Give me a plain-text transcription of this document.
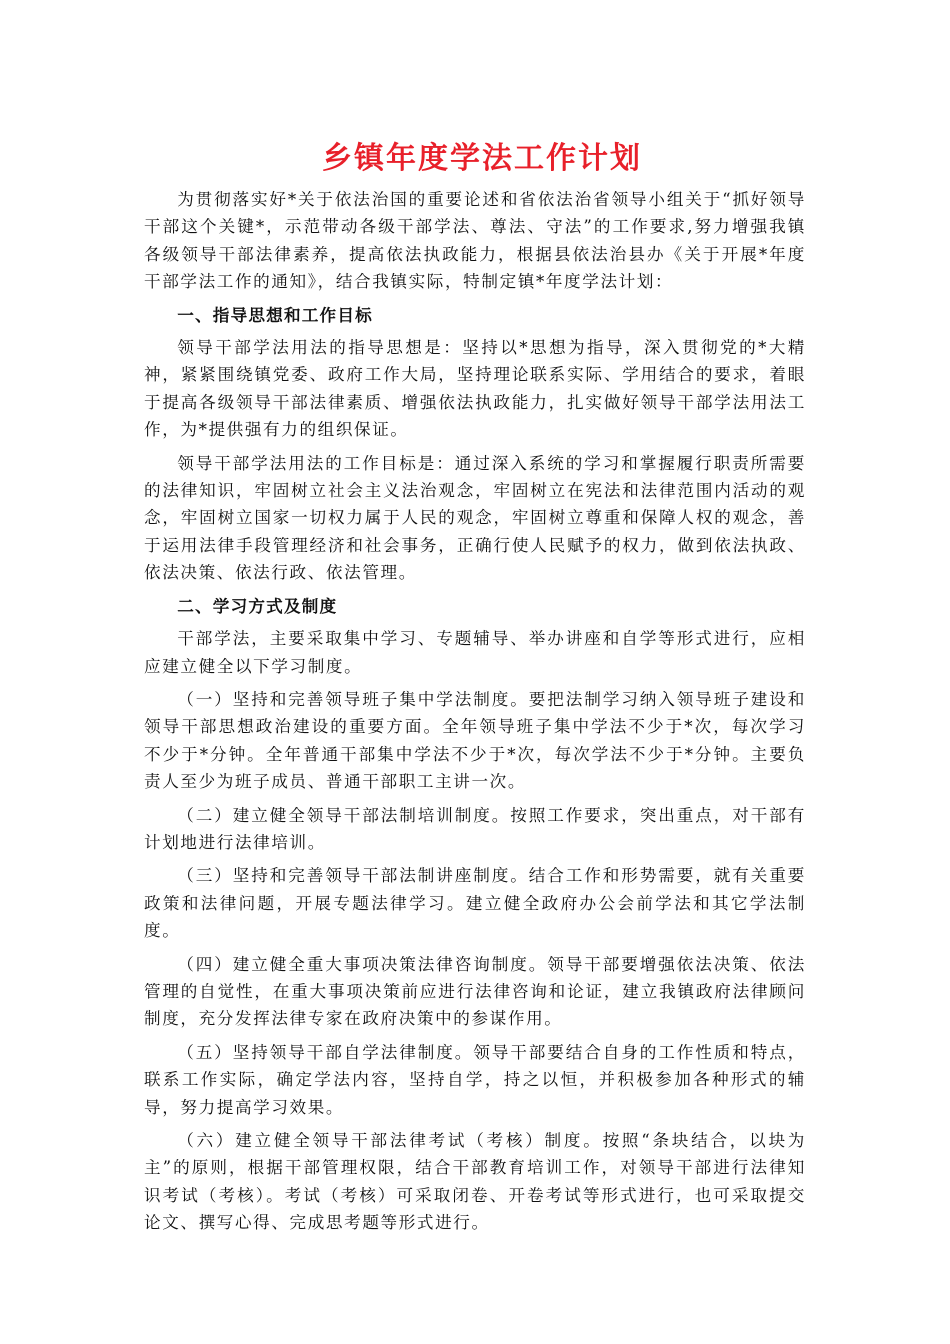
乡镇年度学法工作计划

为贯彻落实好*关于依法治国的重要论述和省依法治省领导小组关于“抓好领导干部这个关键*，示范带动各级干部学法、尊法、守法”的工作要求,努力增强我镇各级领导干部法律素养，提高依法执政能力，根据县依法治县办《关于开展*年度干部学法工作的通知》，结合我镇实际，特制定镇*年度学法计划：

一、指导思想和工作目标

领导干部学法用法的指导思想是：坚持以*思想为指导，深入贯彻党的*大精神，紧紧围绕镇党委、政府工作大局，坚持理论联系实际、学用结合的要求，着眼于提高各级领导干部法律素质、增强依法执政能力，扎实做好领导干部学法用法工作，为*提供强有力的组织保证。

领导干部学法用法的工作目标是：通过深入系统的学习和掌握履行职责所需要的法律知识，牢固树立社会主义法治观念，牢固树立在宪法和法律范围内活动的观念，牢固树立国家一切权力属于人民的观念，牢固树立尊重和保障人权的观念，善于运用法律手段管理经济和社会事务，正确行使人民赋予的权力，做到依法执政、依法决策、依法行政、依法管理。

二、学习方式及制度

干部学法，主要采取集中学习、专题辅导、举办讲座和自学等形式进行，应相应建立健全以下学习制度。

（一）坚持和完善领导班子集中学法制度。要把法制学习纳入领导班子建设和领导干部思想政治建设的重要方面。全年领导班子集中学法不少于*次，每次学习不少于*分钟。全年普通干部集中学法不少于*次，每次学法不少于*分钟。主要负责人至少为班子成员、普通干部职工主讲一次。

（二）建立健全领导干部法制培训制度。按照工作要求，突出重点，对干部有计划地进行法律培训。

（三）坚持和完善领导干部法制讲座制度。结合工作和形势需要，就有关重要政策和法律问题，开展专题法律学习。建立健全政府办公会前学法和其它学法制度。

（四）建立健全重大事项决策法律咨询制度。领导干部要增强依法决策、依法管理的自觉性，在重大事项决策前应进行法律咨询和论证，建立我镇政府法律顾问制度，充分发挥法律专家在政府决策中的参谋作用。

（五）坚持领导干部自学法律制度。领导干部要结合自身的工作性质和特点，联系工作实际，确定学法内容，坚持自学，持之以恒，并积极参加各种形式的辅导，努力提高学习效果。

（六）建立健全领导干部法律考试（考核）制度。按照“条块结合，以块为主”的原则，根据干部管理权限，结合干部教育培训工作，对领导干部进行法律知识考试（考核）。考试（考核）可采取闭卷、开卷考试等形式进行，也可采取提交论文、撰写心得、完成思考题等形式进行。
